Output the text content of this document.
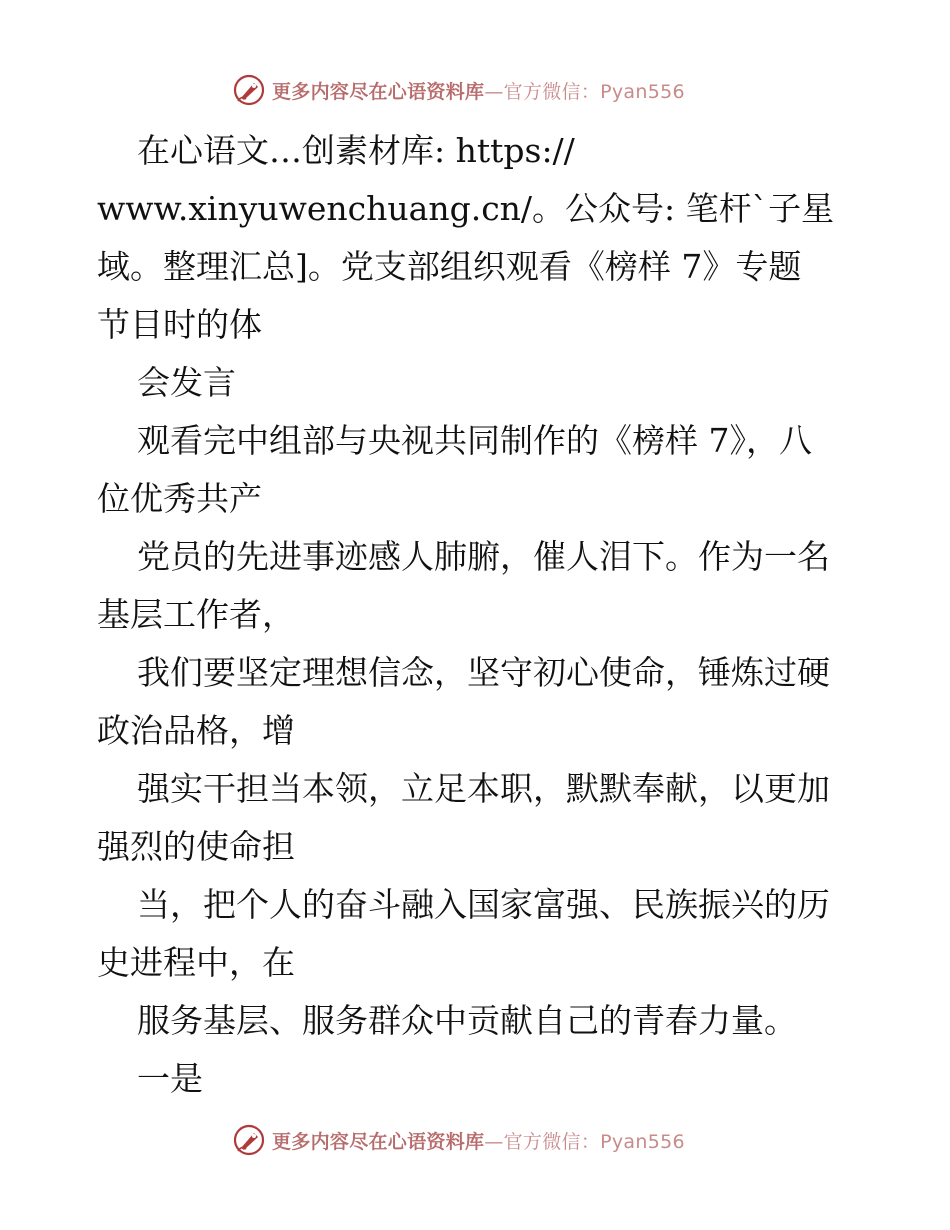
更多内容尽在心语资料库—官方微信：Pyan556
在心语文…创素材库: https://
www.xinyuwenchuang.cn/。公众号: 笔杆`子星
域。整理汇总]。党支部组织观看《榜样 7》专题
节目时的体
会发言
观看完中组部与央视共同制作的《榜样 7》，八
位优秀共产
党员的先进事迹感人肺腑，催人泪下。作为一名
基层工作者，
我们要坚定理想信念，坚守初心使命，锤炼过硬
政治品格，增
强实干担当本领，立足本职，默默奉献，以更加
强烈的使命担
当，把个人的奋斗融入国家富强、民族振兴的历
史进程中，在
服务基层、服务群众中贡献自己的青春力量。
一是
更多内容尽在心语资料库—官方微信：Pyan556
